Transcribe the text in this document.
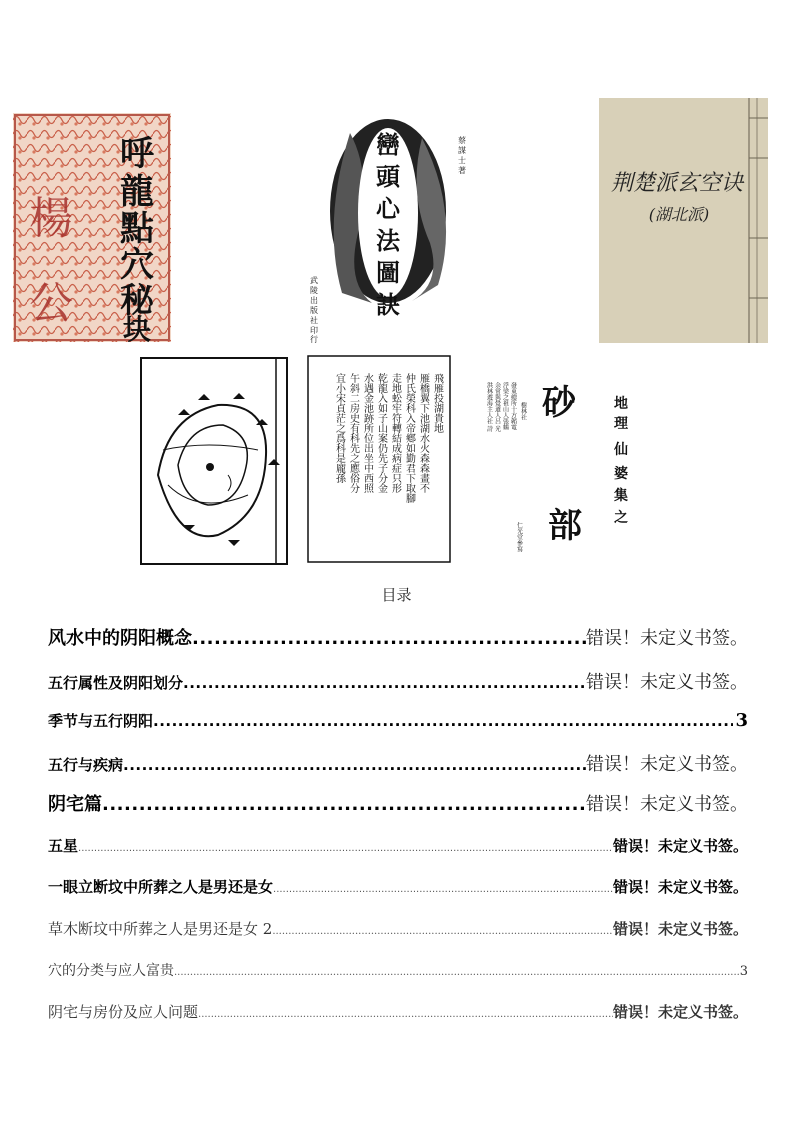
楊
公
呼
龍
點
穴
秘
块
巒
頭
心
法
圖
訣
蔡
謀
士
著
武
陵
出
版
社
印
行
荆楚派玄空诀
(湖北派)
飛雁投湖貴地
雁橋翼下池湖水火森森畫不
仲氏榮科入帝鄕如勤君下取腳
走地蚣牢符轉結成病症只形
乾龍入如子山案仍先子分金
水遇金池跡所位出坐中西照
午斜二房史有科先之應俗分
宜小宋貞茫之爲科是龐孫	砂
部
地
理
仙
婆
集
之
樹林社
發東總所十方韜電
浮梁之祖山人張鶴
余常與覺道人呂 光
洪林遊海主人社 詩
仁光堂參寫
目录
风水中的阴阳概念 .....	错误！未定义书签。
五行属性及阴阳划分 .....	错误！未定义书签。
季节与五行阴阳 .....	3
五行与疾病 .....	错误！未定义书签。
阴宅篇 .....	错误！未定义书签。
五星 .....	错误！未定义书签。
一眼立断坟中所葬之人是男还是女 .....	错误！未定义书签。
草木断坟中所葬之人是男还是女 2 .....	错误！未定义书签。
穴的分类与应人富贵 .....	3
阴宅与房份及应人问题 .....	错误！未定义书签。
